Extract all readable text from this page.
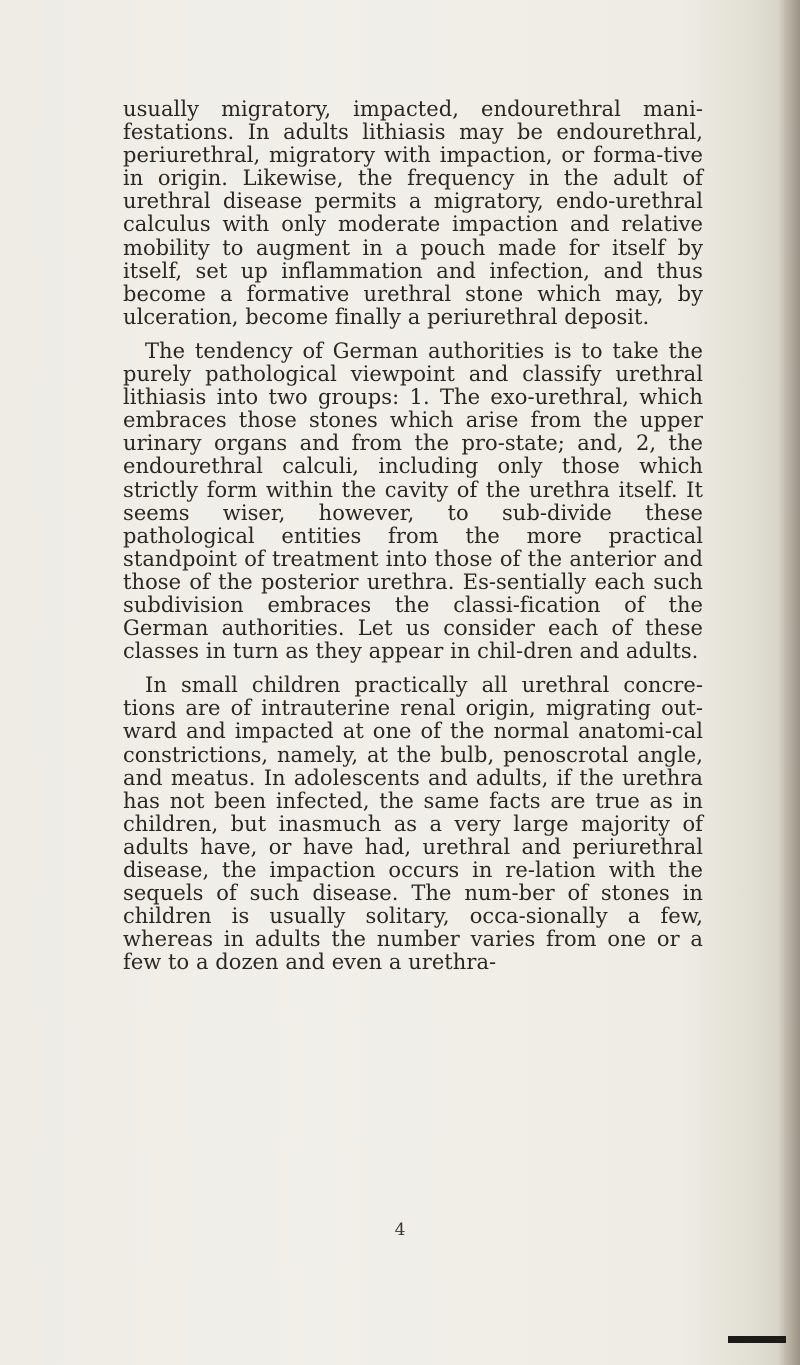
usually migratory, impacted, endourethral mani-festations. In adults lithiasis may be endourethral, periurethral, migratory with impaction, or forma-tive in origin. Likewise, the frequency in the adult of urethral disease permits a migratory, endo-urethral calculus with only moderate impaction and relative mobility to augment in a pouch made for itself by itself, set up inflammation and infection, and thus become a formative urethral stone which may, by ulceration, become finally a periurethral deposit.

The tendency of German authorities is to take the purely pathological viewpoint and classify urethral lithiasis into two groups: 1. The exo-urethral, which embraces those stones which arise from the upper urinary organs and from the pro-state; and, 2, the endourethral calculi, including only those which strictly form within the cavity of the urethra itself. It seems wiser, however, to sub-divide these pathological entities from the more practical standpoint of treatment into those of the anterior and those of the posterior urethra. Es-sentially each such subdivision embraces the classi-fication of the German authorities. Let us consider each of these classes in turn as they appear in chil-dren and adults.

In small children practically all urethral concre-tions are of intrauterine renal origin, migrating out-ward and impacted at one of the normal anatomi-cal constrictions, namely, at the bulb, penoscrotal angle, and meatus. In adolescents and adults, if the urethra has not been infected, the same facts are true as in children, but inasmuch as a very large majority of adults have, or have had, urethral and periurethral disease, the impaction occurs in re-lation with the sequels of such disease. The num-ber of stones in children is usually solitary, occa-sionally a few, whereas in adults the number varies from one or a few to a dozen and even a urethra-

4
